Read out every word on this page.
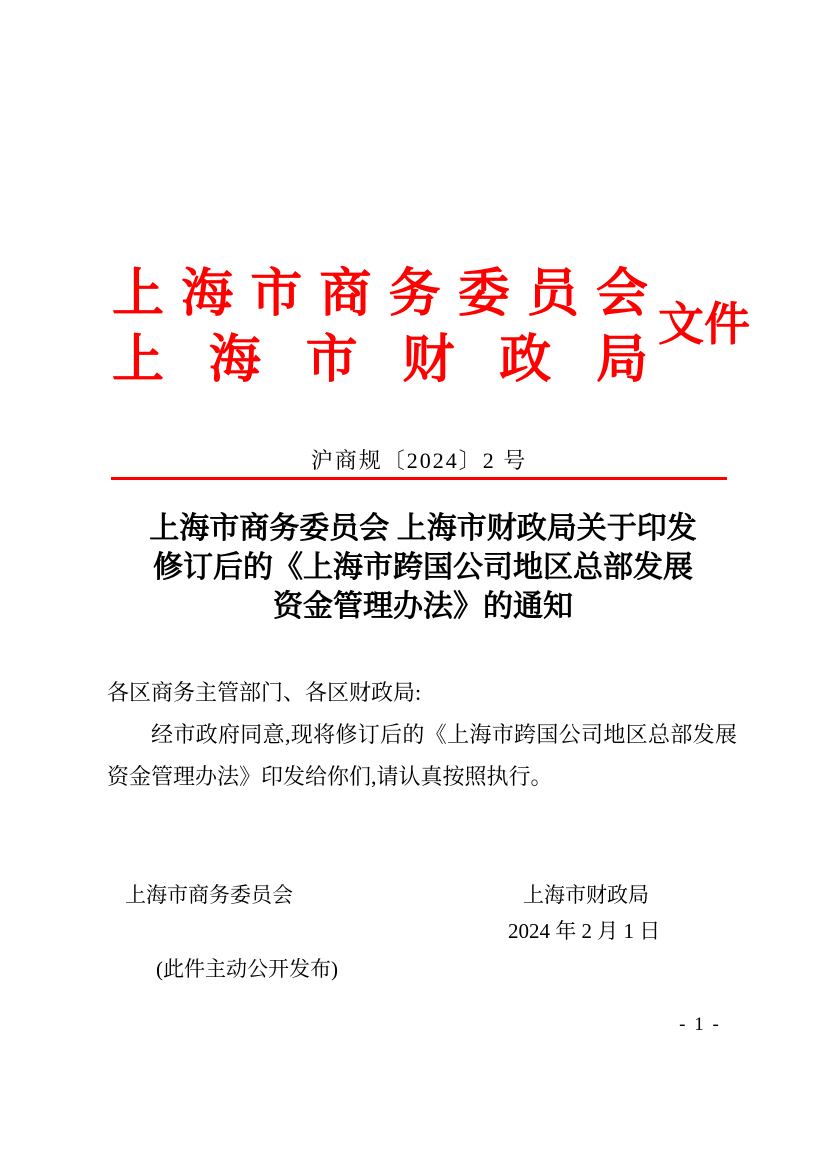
上 海 市 商 务 委 员 会
上 海 市 财 政 局
文件
沪商规〔2024〕2 号
上海市商务委员会 上海市财政局关于印发
修订后的《上海市跨国公司地区总部发展
资金管理办法》的通知
各区商务主管部门、各区财政局:

经市政府同意,现将修订后的《上海市跨国公司地区总部发展资金管理办法》印发给你们,请认真按照执行。

上海市商务委员会	上海市财政局
2024 年 2 月 1 日
(此件主动公开发布)
- 1 -
